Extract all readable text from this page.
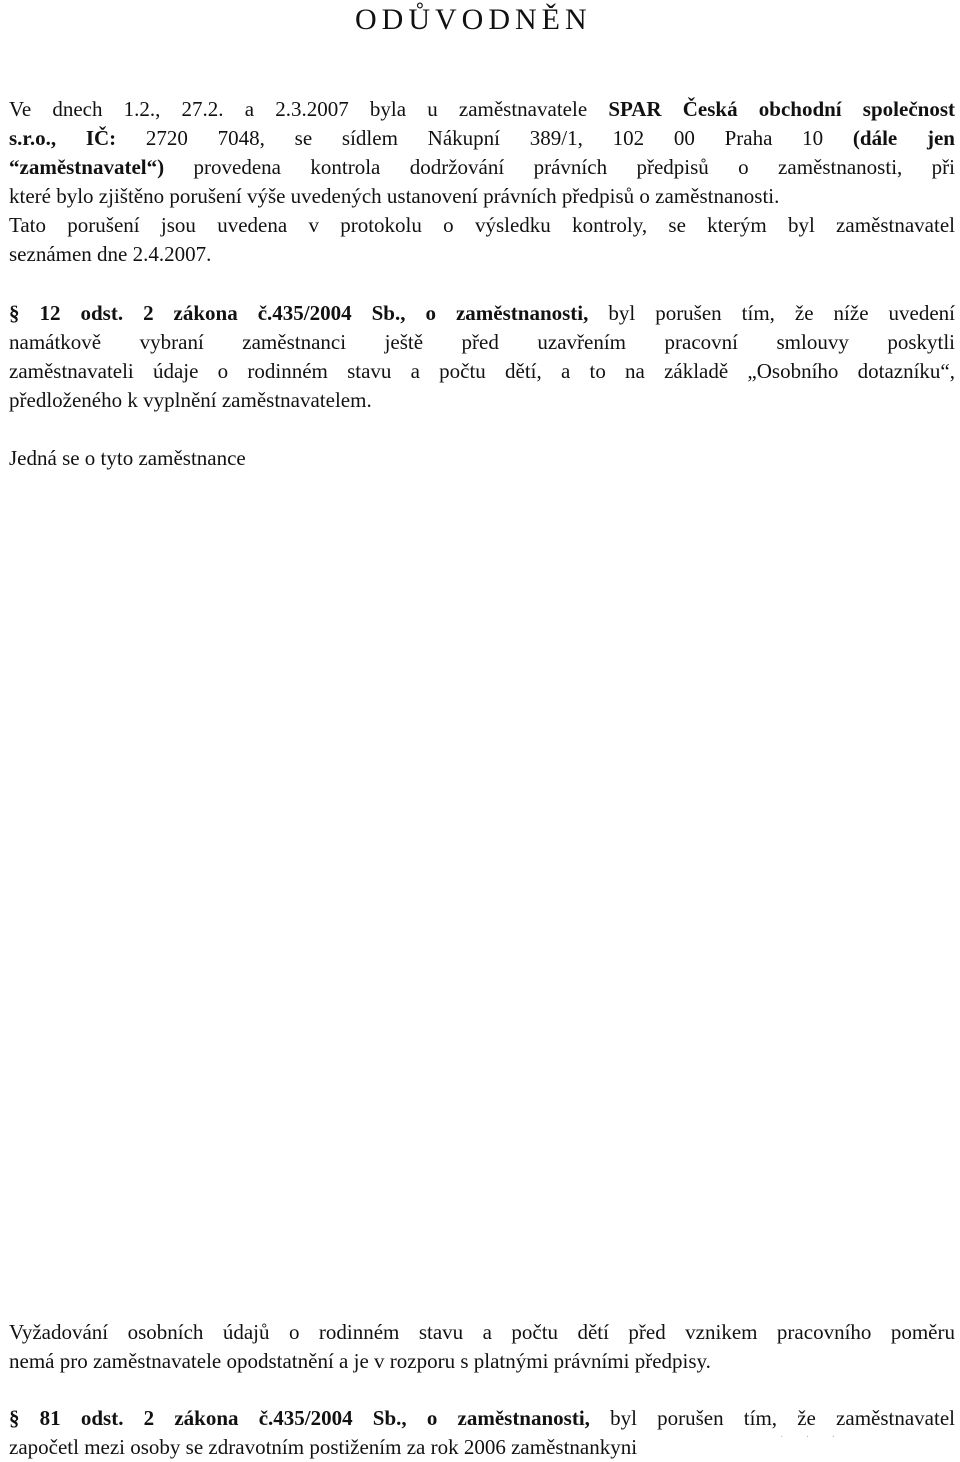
ODŮVODNĚN
Ve dnech 1.2., 27.2. a 2.3.2007 byla u zaměstnavatele SPAR Česká obchodní společnost
s.r.o., IČ: 2720 7048, se sídlem Nákupní 389/1, 102 00 Praha 10 (dále jen
“zaměstnavatel“) provedena kontrola dodržování právních předpisů o zaměstnanosti, při
které bylo zjištěno porušení výše uvedených ustanovení právních předpisů o zaměstnanosti.
Tato porušení jsou uvedena v protokolu o výsledku kontroly, se kterým byl zaměstnavatel
seznámen dne 2.4.2007.
§ 12 odst. 2 zákona č.435/2004 Sb., o zaměstnanosti, byl porušen tím, že níže uvedení
namátkově vybraní zaměstnanci ještě před uzavřením pracovní smlouvy poskytli
zaměstnavateli údaje o rodinném stavu a počtu dětí, a to na základě „Osobního dotazníku“,
předloženého k vyplnění zaměstnavatelem.
Jedná se o tyto zaměstnance
Vyžadování osobních údajů o rodinném stavu a počtu dětí před vznikem pracovního poměru
nemá pro zaměstnavatele opodstatnění a je v rozporu s platnými právními předpisy.
§ 81 odst. 2 zákona č.435/2004 Sb., o zaměstnanosti, byl porušen tím, že zaměstnavatel
započetl mezi osoby se zdravotním postižením za rok 2006 zaměstnankyni	· · ·
